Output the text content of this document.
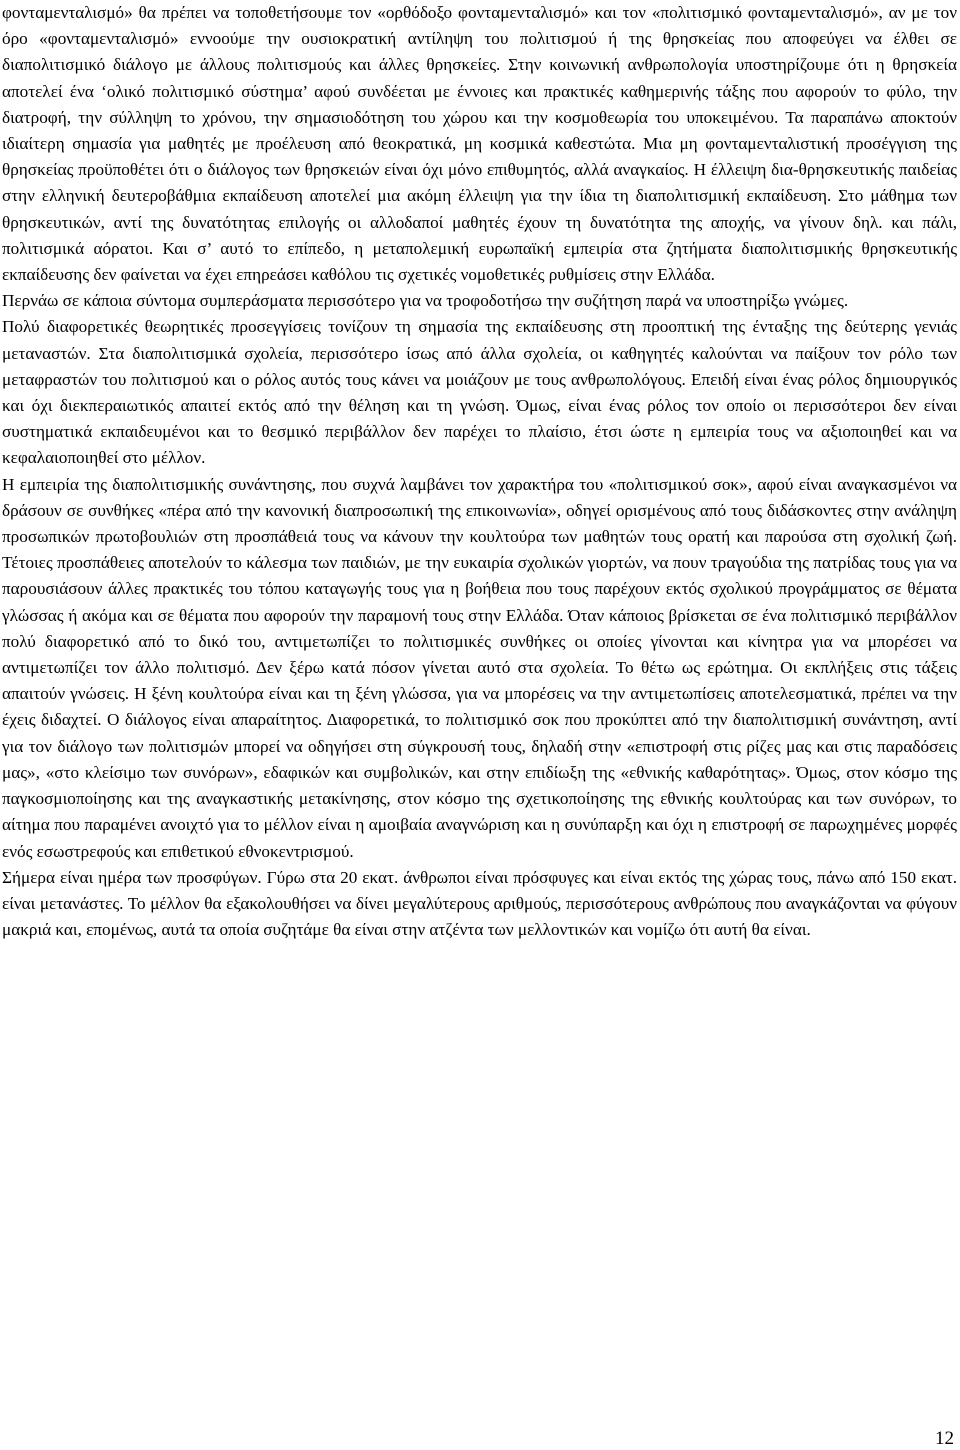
φονταμενταλισμό» θα πρέπει να τοποθετήσουμε τον «ορθόδοξο φονταμενταλισμό» και τον «πολιτισμικό φονταμενταλισμό», αν με τον όρο «φονταμενταλισμό» εννοούμε την ουσιοκρατική αντίληψη του πολιτισμού ή της θρησκείας που αποφεύγει να έλθει σε διαπολιτισμικό διάλογο με άλλους πολιτισμούς και άλλες θρησκείες. Στην κοινωνική ανθρωπολογία υποστηρίζουμε ότι η θρησκεία αποτελεί ένα ‘ολικό πολιτισμικό σύστημα’ αφού συνδέεται με έννοιες και πρακτικές καθημερινής τάξης που αφορούν το φύλο, την διατροφή, την σύλληψη το χρόνου, την σημασιοδότηση του χώρου και την κοσμοθεωρία του υποκειμένου. Τα παραπάνω αποκτούν ιδιαίτερη σημασία για μαθητές με προέλευση από θεοκρατικά, μη κοσμικά καθεστώτα. Μια μη φονταμενταλιστική προσέγγιση της θρησκείας προϋποθέτει ότι ο διάλογος των θρησκειών είναι όχι μόνο επιθυμητός, αλλά αναγκαίος. Η έλλειψη δια-θρησκευτικής παιδείας στην ελληνική δευτεροβάθμια εκπαίδευση αποτελεί μια ακόμη έλλειψη για την ίδια τη διαπολιτισμική εκπαίδευση. Στο μάθημα των θρησκευτικών, αντί της δυνατότητας επιλογής οι αλλοδαποί μαθητές έχουν τη δυνατότητα της αποχής, να γίνουν δηλ. και πάλι, πολιτισμικά αόρατοι. Και σ’ αυτό το επίπεδο, η μεταπολεμική ευρωπαϊκή εμπειρία στα ζητήματα διαπολιτισμικής θρησκευτικής εκπαίδευσης δεν φαίνεται να έχει επηρεάσει καθόλου τις σχετικές νομοθετικές ρυθμίσεις στην Ελλάδα.

Περνάω σε κάποια σύντομα συμπεράσματα περισσότερο για να τροφοδοτήσω την συζήτηση παρά να υποστηρίξω γνώμες.

Πολύ διαφορετικές θεωρητικές προσεγγίσεις τονίζουν τη σημασία της εκπαίδευσης στη προοπτική της ένταξης της δεύτερης γενιάς μεταναστών. Στα διαπολιτισμικά σχολεία, περισσότερο ίσως από άλλα σχολεία, οι καθηγητές καλούνται να παίξουν τον ρόλο των μεταφραστών του πολιτισμού και ο ρόλος αυτός τους κάνει να μοιάζουν με τους ανθρωπολόγους. Επειδή είναι ένας ρόλος δημιουργικός και όχι διεκπεραιωτικός απαιτεί εκτός από την θέληση και τη γνώση. Όμως, είναι ένας ρόλος τον οποίο οι περισσότεροι δεν είναι συστηματικά εκπαιδευμένοι και το θεσμικό περιβάλλον δεν παρέχει το πλαίσιο, έτσι ώστε η εμπειρία τους να αξιοποιηθεί και να κεφαλαιοποιηθεί στο μέλλον.

Η εμπειρία της διαπολιτισμικής συνάντησης, που συχνά λαμβάνει τον χαρακτήρα του «πολιτισμικού σοκ», αφού είναι αναγκασμένοι να δράσουν σε συνθήκες «πέρα από την κανονική διαπροσωπική της επικοινωνία», οδηγεί ορισμένους από τους διδάσκοντες στην ανάληψη προσωπικών πρωτοβουλιών στη προσπάθειά τους να κάνουν την κουλτούρα των μαθητών τους ορατή και παρούσα στη σχολική ζωή. Τέτοιες προσπάθειες αποτελούν το κάλεσμα των παιδιών, με την ευκαιρία σχολικών γιορτών, να πουν τραγούδια της πατρίδας τους για να παρουσιάσουν άλλες πρακτικές του τόπου καταγωγής τους για η βοήθεια που τους παρέχουν εκτός σχολικού προγράμματος σε θέματα γλώσσας ή ακόμα και σε θέματα που αφορούν την παραμονή τους στην Ελλάδα. Όταν κάποιος βρίσκεται σε ένα πολιτισμικό περιβάλλον πολύ διαφορετικό από το δικό του, αντιμετωπίζει το πολιτισμικές συνθήκες οι οποίες γίνονται και κίνητρα για να μπορέσει να αντιμετωπίζει τον άλλο πολιτισμό. Δεν ξέρω κατά πόσον γίνεται αυτό στα σχολεία. Το θέτω ως ερώτημα. Οι εκπλήξεις στις τάξεις απαιτούν γνώσεις. Η ξένη κουλτούρα είναι και τη ξένη γλώσσα, για να μπορέσεις να την αντιμετωπίσεις αποτελεσματικά, πρέπει να την έχεις διδαχτεί. Ο διάλογος είναι απαραίτητος. Διαφορετικά, το πολιτισμικό σοκ που προκύπτει από την διαπολιτισμική συνάντηση, αντί για τον διάλογο των πολιτισμών μπορεί να οδηγήσει στη σύγκρουσή τους, δηλαδή στην «επιστροφή στις ρίζες μας και στις παραδόσεις μας», «στο κλείσιμο των συνόρων», εδαφικών και συμβολικών, και στην επιδίωξη της «εθνικής καθαρότητας». Όμως, στον κόσμο της παγκοσμιοποίησης και της αναγκαστικής μετακίνησης, στον κόσμο της σχετικοποίησης της εθνικής κουλτούρας και των συνόρων, το αίτημα που παραμένει ανοιχτό για το μέλλον είναι η αμοιβαία αναγνώριση και η συνύπαρξη και όχι η επιστροφή σε παρωχημένες μορφές ενός εσωστρεφούς και επιθετικού εθνοκεντρισμού.

Σήμερα είναι ημέρα των προσφύγων. Γύρω στα 20 εκατ. άνθρωποι είναι πρόσφυγες και είναι εκτός της χώρας τους, πάνω από 150 εκατ. είναι μετανάστες. Το μέλλον θα εξακολουθήσει να δίνει μεγαλύτερους αριθμούς, περισσότερους ανθρώπους που αναγκάζονται να φύγουν μακριά και, επομένως, αυτά τα οποία συζητάμε θα είναι στην ατζέντα των μελλοντικών και νομίζω ότι αυτή θα είναι.

12
